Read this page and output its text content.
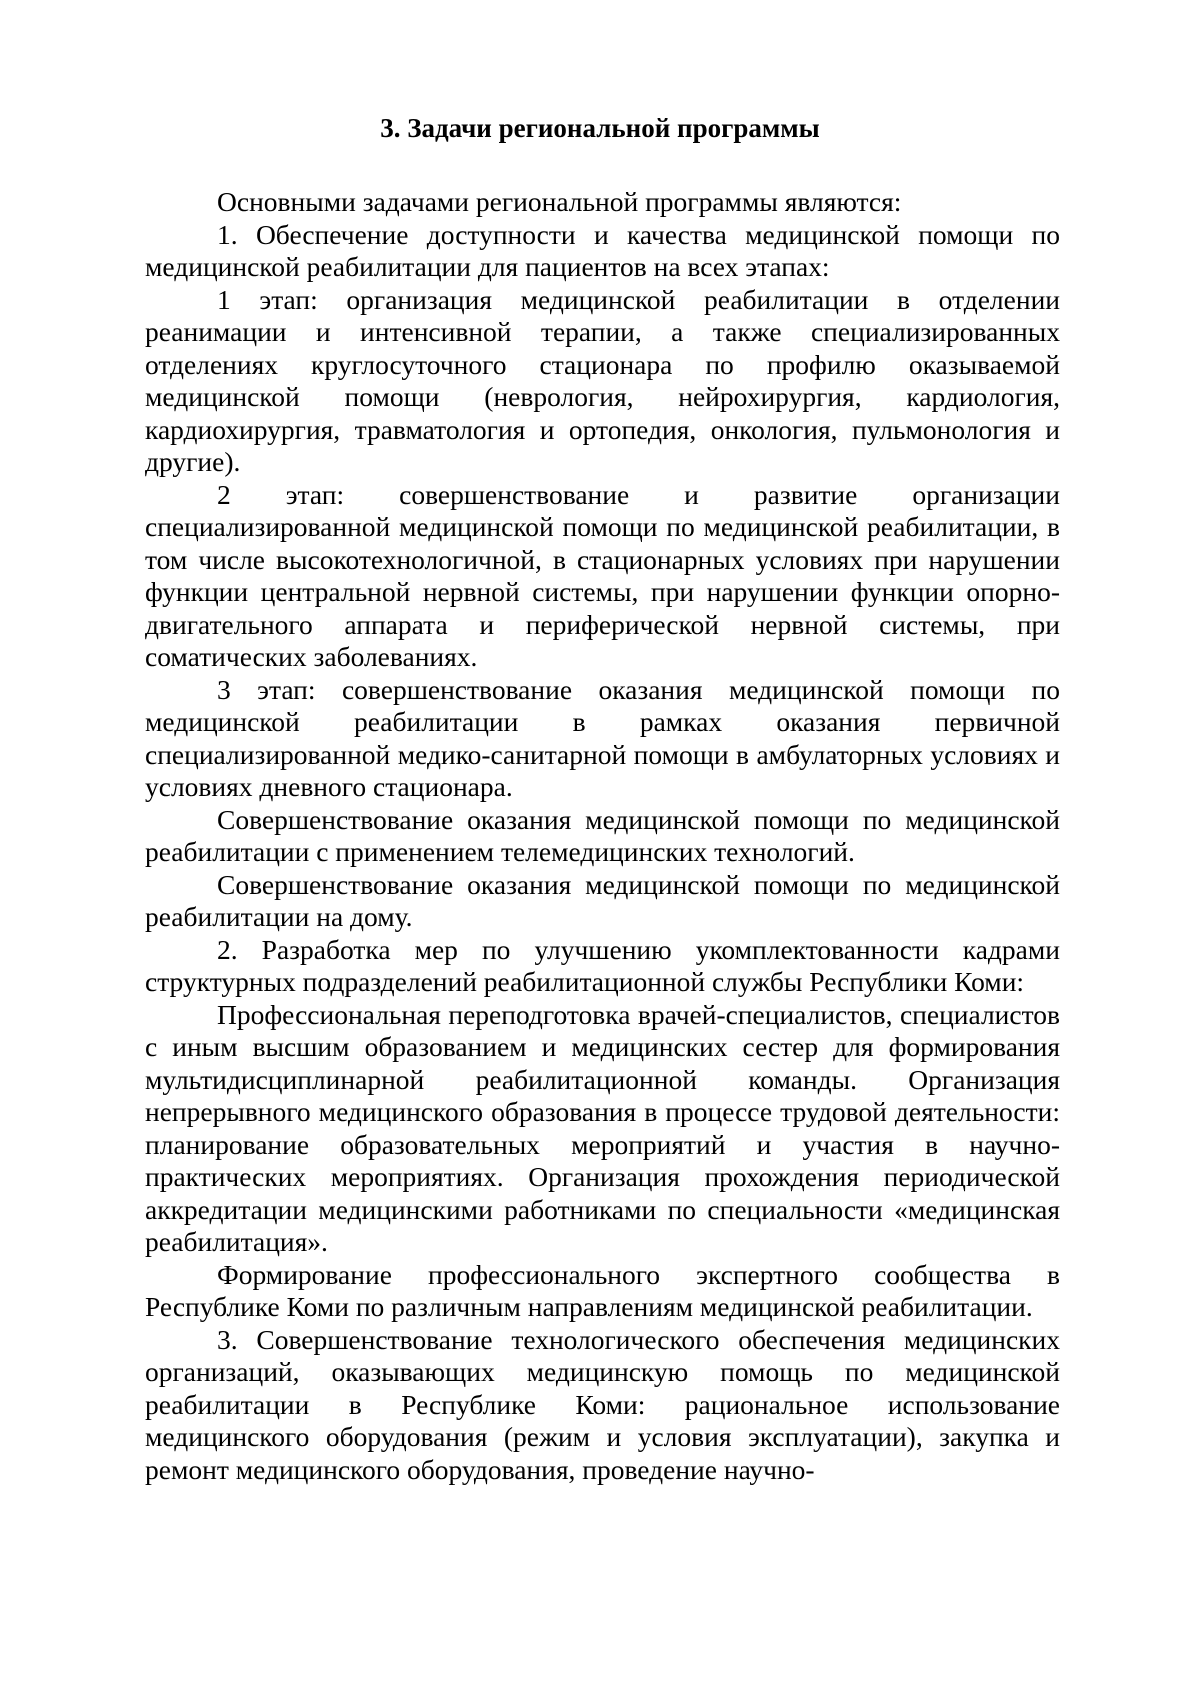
3. Задачи региональной программы

Основными задачами региональной программы являются:

1. Обеспечение доступности и качества медицинской помощи по медицинской реабилитации для пациентов на всех этапах:

1 этап: организация медицинской реабилитации в отделении реанимации и интенсивной терапии, а также специализированных отделениях круглосуточного стационара по профилю оказываемой медицинской помощи (неврология, нейрохирургия, кардиология, кардиохирургия, травматология и ортопедия, онкология, пульмонология и другие).

2 этап: совершенствование и развитие организации специализированной медицинской помощи по медицинской реабилитации, в том числе высокотехнологичной, в стационарных условиях при нарушении функции центральной нервной системы, при нарушении функции опорно-двигательного аппарата и периферической нервной системы, при соматических заболеваниях.

3 этап: совершенствование оказания медицинской помощи по медицинской реабилитации в рамках оказания первичной специализированной медико-санитарной помощи в амбулаторных условиях и условиях дневного стационара.

Совершенствование оказания медицинской помощи по медицинской реабилитации с применением телемедицинских технологий.

Совершенствование оказания медицинской помощи по медицинской реабилитации на дому.

2. Разработка мер по улучшению укомплектованности кадрами структурных подразделений реабилитационной службы Республики Коми:

Профессиональная переподготовка врачей-специалистов, специалистов с иным высшим образованием и медицинских сестер для формирования мультидисциплинарной реабилитационной команды. Организация непрерывного медицинского образования в процессе трудовой деятельности: планирование образовательных мероприятий и участия в научно-практических мероприятиях. Организация прохождения периодической аккредитации медицинскими работниками по специальности «медицинская реабилитация».

Формирование профессионального экспертного сообщества в Республике Коми по различным направлениям медицинской реабилитации.

3. Совершенствование технологического обеспечения медицинских организаций, оказывающих медицинскую помощь по медицинской реабилитации в Республике Коми: рациональное использование медицинского оборудования (режим и условия эксплуатации), закупка и ремонт медицинского оборудования, проведение научно-
